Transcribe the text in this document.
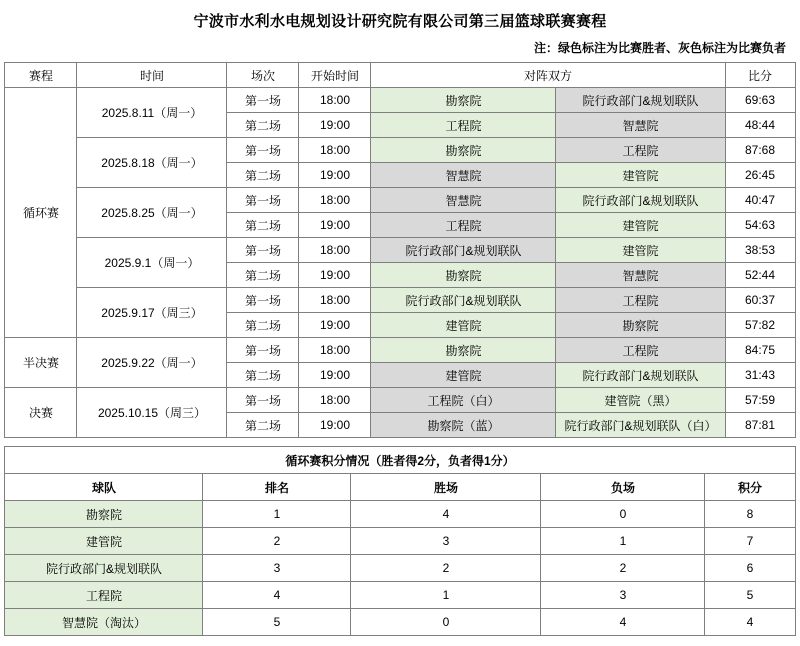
宁波市水利水电规划设计研究院有限公司第三届篮球联赛赛程
注：绿色标注为比赛胜者、灰色标注为比赛负者
赛程	时间	场次	开始时间	对阵双方		比分
循环赛	2025.8.11（周一）	第一场	18:00	勘察院	院行政部门&规划联队	69:63
		第二场	19:00	工程院	智慧院	48:44
	2025.8.18（周一）	第一场	18:00	勘察院	工程院	87:68
		第二场	19:00	智慧院	建管院	26:45
	2025.8.25（周一）	第一场	18:00	智慧院	院行政部门&规划联队	40:47
		第二场	19:00	工程院	建管院	54:63
	2025.9.1（周一）	第一场	18:00	院行政部门&规划联队	建管院	38:53
		第二场	19:00	勘察院	智慧院	52:44
	2025.9.17（周三）	第一场	18:00	院行政部门&规划联队	工程院	60:37
		第二场	19:00	建管院	勘察院	57:82
半决赛	2025.9.22（周一）	第一场	18:00	勘察院	工程院	84:75
		第二场	19:00	建管院	院行政部门&规划联队	31:43
决赛	2025.10.15（周三）	第一场	18:00	工程院（白）	建管院（黑）	57:59
		第二场	19:00	勘察院（蓝）	院行政部门&规划联队（白）	87:81
循环赛积分情况（胜者得2分，负者得1分）				
球队	排名	胜场	负场	积分
勘察院	1	4	0	8
建管院	2	3	1	7
院行政部门&规划联队	3	2	2	6
工程院	4	1	3	5
智慧院（淘汰）	5	0	4	4
